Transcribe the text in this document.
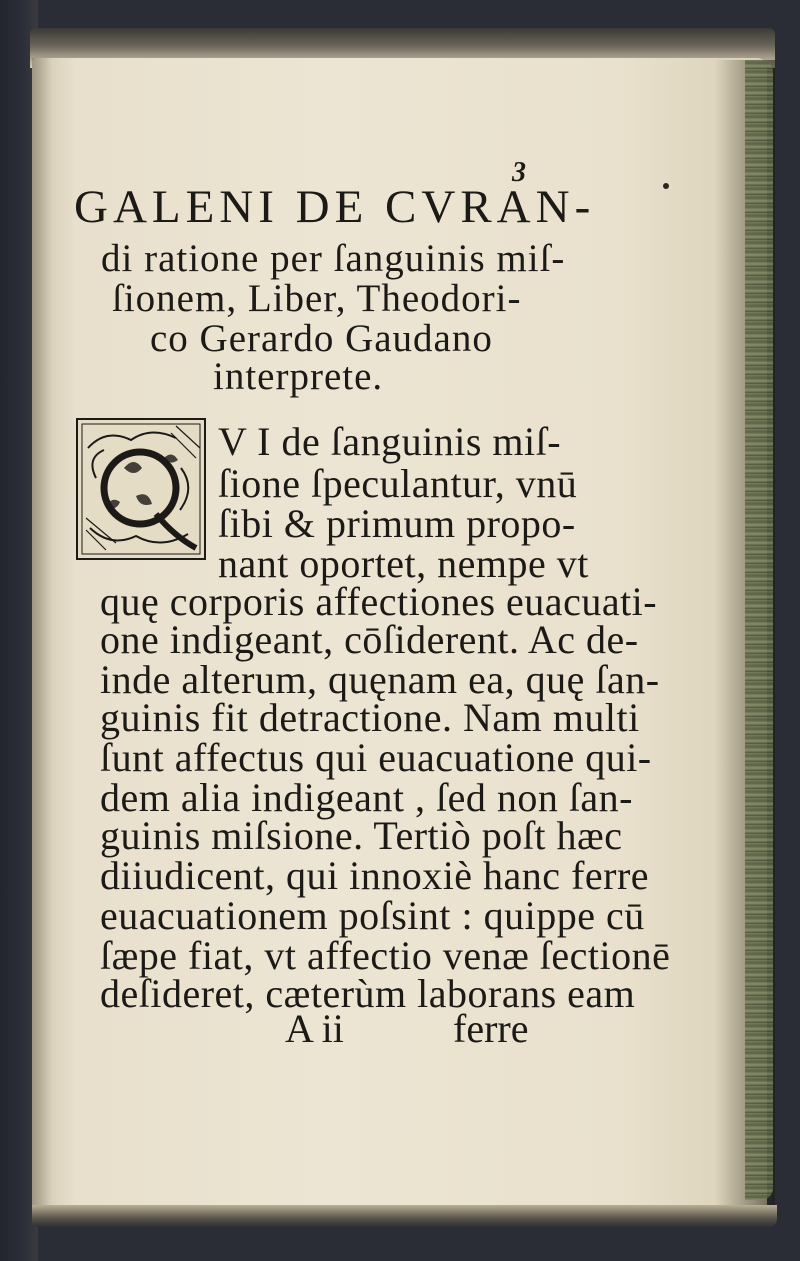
3
GALENI DE CVRAN-
di ratione per ſanguinis miſ-
ſionem, Liber, Theodori-
co Gerardo Gaudano
interprete.
V I de ſanguinis miſ-
ſione ſpeculantur, vnū
ſibi & primum propo-
nant oportet, nempe vt
quę corporis affectiones euacuati-
one indigeant, cōſiderent. Ac de-
inde alterum, quęnam ea, quę ſan-
guinis fit detractione. Nam multi
ſunt affectus qui euacuatione qui-
dem alia indigeant , ſed non ſan-
guinis miſsione. Tertiò poſt hæc
diiudicent, qui innoxiè hanc ferre
euacuationem poſsint : quippe cū
ſæpe fiat, vt affectio venæ ſectionē
deſideret, cæterùm laborans eam
A ii	ferre
